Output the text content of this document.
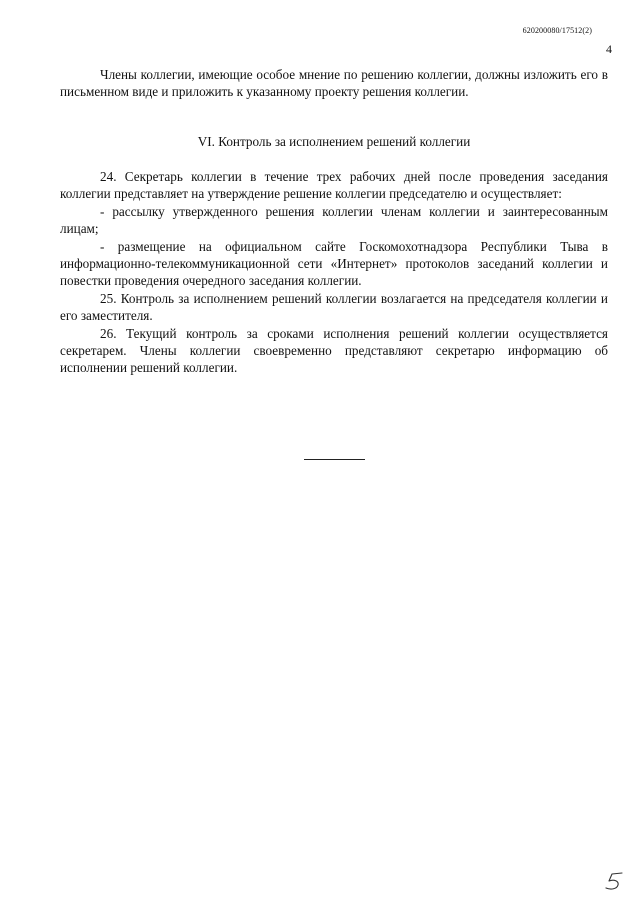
620200080/17512(2)
4

Члены коллегии, имеющие особое мнение по решению коллегии, должны изложить его в письменном виде и приложить к указанному проекту решения коллегии.

VI. Контроль за исполнением решений коллегии

24. Секретарь коллегии в течение трех рабочих дней после проведения заседания коллегии представляет на утверждение решение коллегии председателю и осуществляет:

- рассылку утвержденного решения коллегии членам коллегии и заинтересованным лицам;

- размещение на официальном сайте Госкомохотнадзора Республики Тыва в информационно-телекоммуникационной сети «Интернет» протоколов заседаний коллегии и повестки проведения очередного заседания коллегии.

25. Контроль за исполнением решений коллегии возлагается на председателя коллегии и его заместителя.

26. Текущий контроль за сроками исполнения решений коллегии осуществляется секретарем. Члены коллегии своевременно представляют секретарю информацию об исполнении решений коллегии.
